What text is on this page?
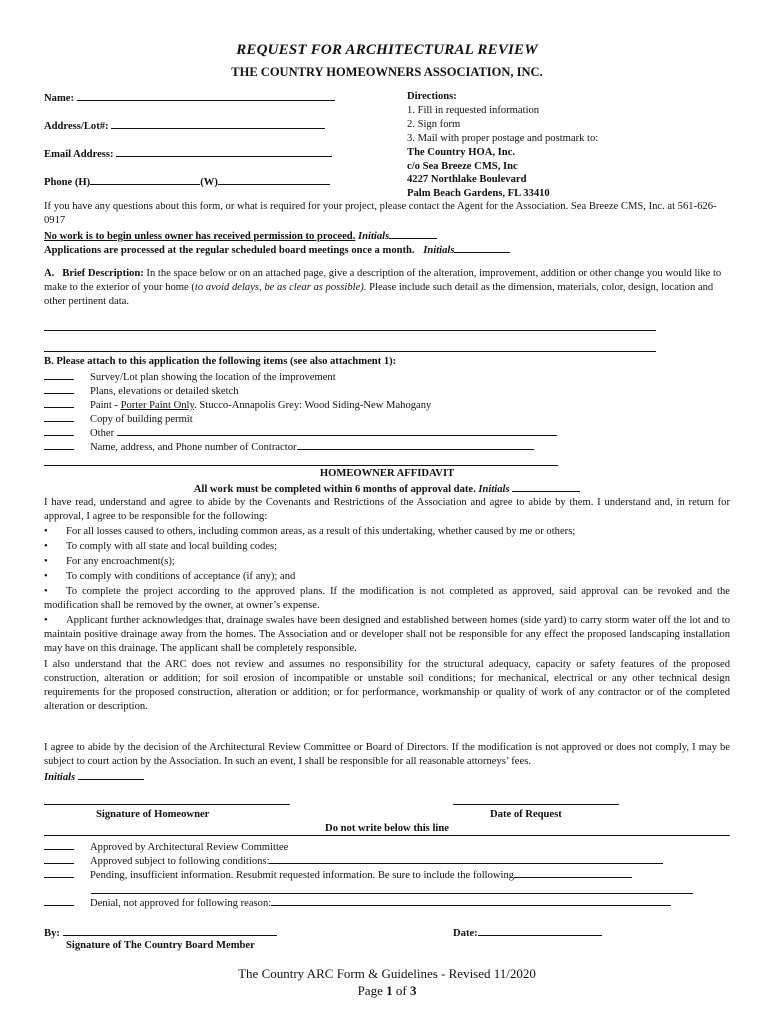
REQUEST FOR ARCHITECTURAL REVIEW
THE COUNTRY HOMEOWNERS ASSOCIATION, INC.
Name:
Address/Lot#:
Email Address:
Phone (H)	(W)
Directions:
1. Fill in requested information
2. Sign form
3. Mail with proper postage and postmark to:
The Country HOA, Inc.
c/o Sea Breeze CMS, Inc
4227 Northlake Boulevard
Palm Beach Gardens, FL 33410
If you have any questions about this form, or what is required for your project, please contact the Agent for the Association. Sea Breeze CMS, Inc. at 561-626-0917
No work is to begin unless owner has received permission to proceed. Initials
Applications are processed at the regular scheduled board meetings once a month. Initials
A. Brief Description: In the space below or on an attached page, give a description of the alteration, improvement, addition or other change you would like to make to the exterior of your home (to avoid delays, be as clear as possible). Please include such detail as the dimension, materials, color, design, location and other pertinent data.
B. Please attach to this application the following items (see also attachment 1):
Survey/Lot plan showing the location of the improvement
Plans, elevations or detailed sketch
Paint - Porter Paint Only. Stucco-Annapolis Grey: Wood Siding-New Mahogany
Copy of building permit
Other
Name, address, and Phone number of Contractor
HOMEOWNER AFFIDAVIT
All work must be completed within 6 months of approval date. Initials
I have read, understand and agree to abide by the Covenants and Restrictions of the Association and agree to abide by them. I understand and, in return for approval, I agree to be responsible for the following:
• For all losses caused to others, including common areas, as a result of this undertaking, whether caused by me or others;
• To comply with all state and local building codes;
• For any encroachment(s);
• To comply with conditions of acceptance (if any); and
• To complete the project according to the approved plans. If the modification is not completed as approved, said approval can be revoked and the modification shall be removed by the owner, at owner’s expense.
• Applicant further acknowledges that, drainage swales have been designed and established between homes (side yard) to carry storm water off the lot and to maintain positive drainage away from the homes. The Association and or developer shall not be responsible for any effect the proposed landscaping installation may have on this drainage. The applicant shall be completely responsible.
I also understand that the ARC does not review and assumes no responsibility for the structural adequacy, capacity or safety features of the proposed construction, alteration or addition; for soil erosion of incompatible or unstable soil conditions; for mechanical, electrical or any other technical design requirements for the proposed construction, alteration or addition; or for performance, workmanship or quality of work of any contractor or of the completed alteration or description.
I agree to abide by the decision of the Architectural Review Committee or Board of Directors. If the modification is not approved or does not comply, I may be subject to court action by the Association. In such an event, I shall be responsible for all reasonable attorneys’ fees.
Initials
Signature of Homeowner	Date of Request
Do not write below this line
Approved by Architectural Review Committee
Approved subject to following conditions:
Pending, insufficient information. Resubmit requested information. Be sure to include the following
Denial, not approved for following reason:
By:	Date:
Signature of The Country Board Member
The Country ARC Form & Guidelines - Revised 11/2020
Page 1 of 3
